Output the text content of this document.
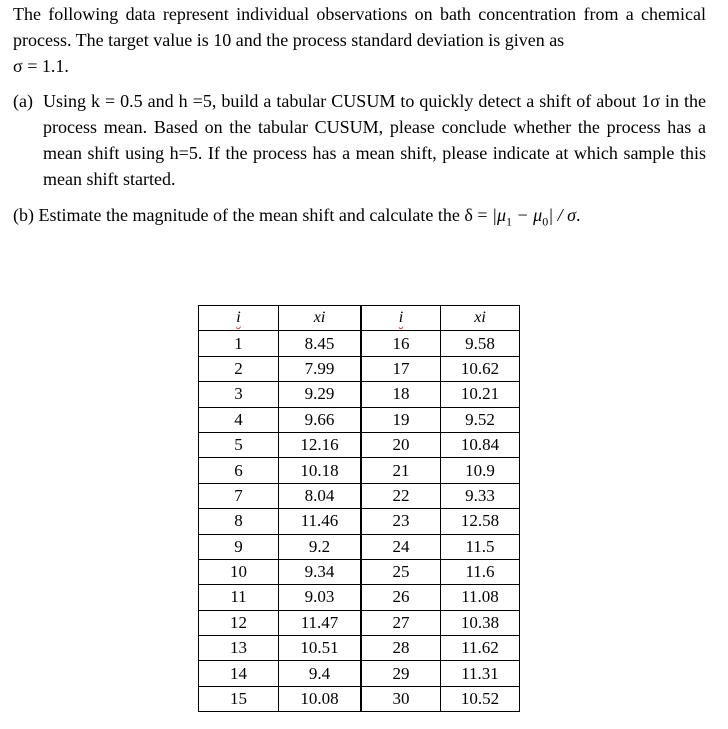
The following data represent individual observations on bath concentration from a chemical process. The target value is 10 and the process standard deviation is given as
σ = 1.1.
(a) Using k = 0.5 and h =5, build a tabular CUSUM to quickly detect a shift of about 1σ in the process mean. Based on the tabular CUSUM, please conclude whether the process has a mean shift using h=5. If the process has a mean shift, please indicate at which sample this mean shift started.
(b) Estimate the magnitude of the mean shift and calculate the $\delta = |\mu_1 - \mu_0| / \sigma$.
i	xi	i	xi
1	8.45	16	9.58
2	7.99	17	10.62
3	9.29	18	10.21
4	9.66	19	9.52
5	12.16	20	10.84
6	10.18	21	10.9
7	8.04	22	9.33
8	11.46	23	12.58
9	9.2	24	11.5
10	9.34	25	11.6
11	9.03	26	11.08
12	11.47	27	10.38
13	10.51	28	11.62
14	9.4	29	11.31
15	10.08	30	10.52
